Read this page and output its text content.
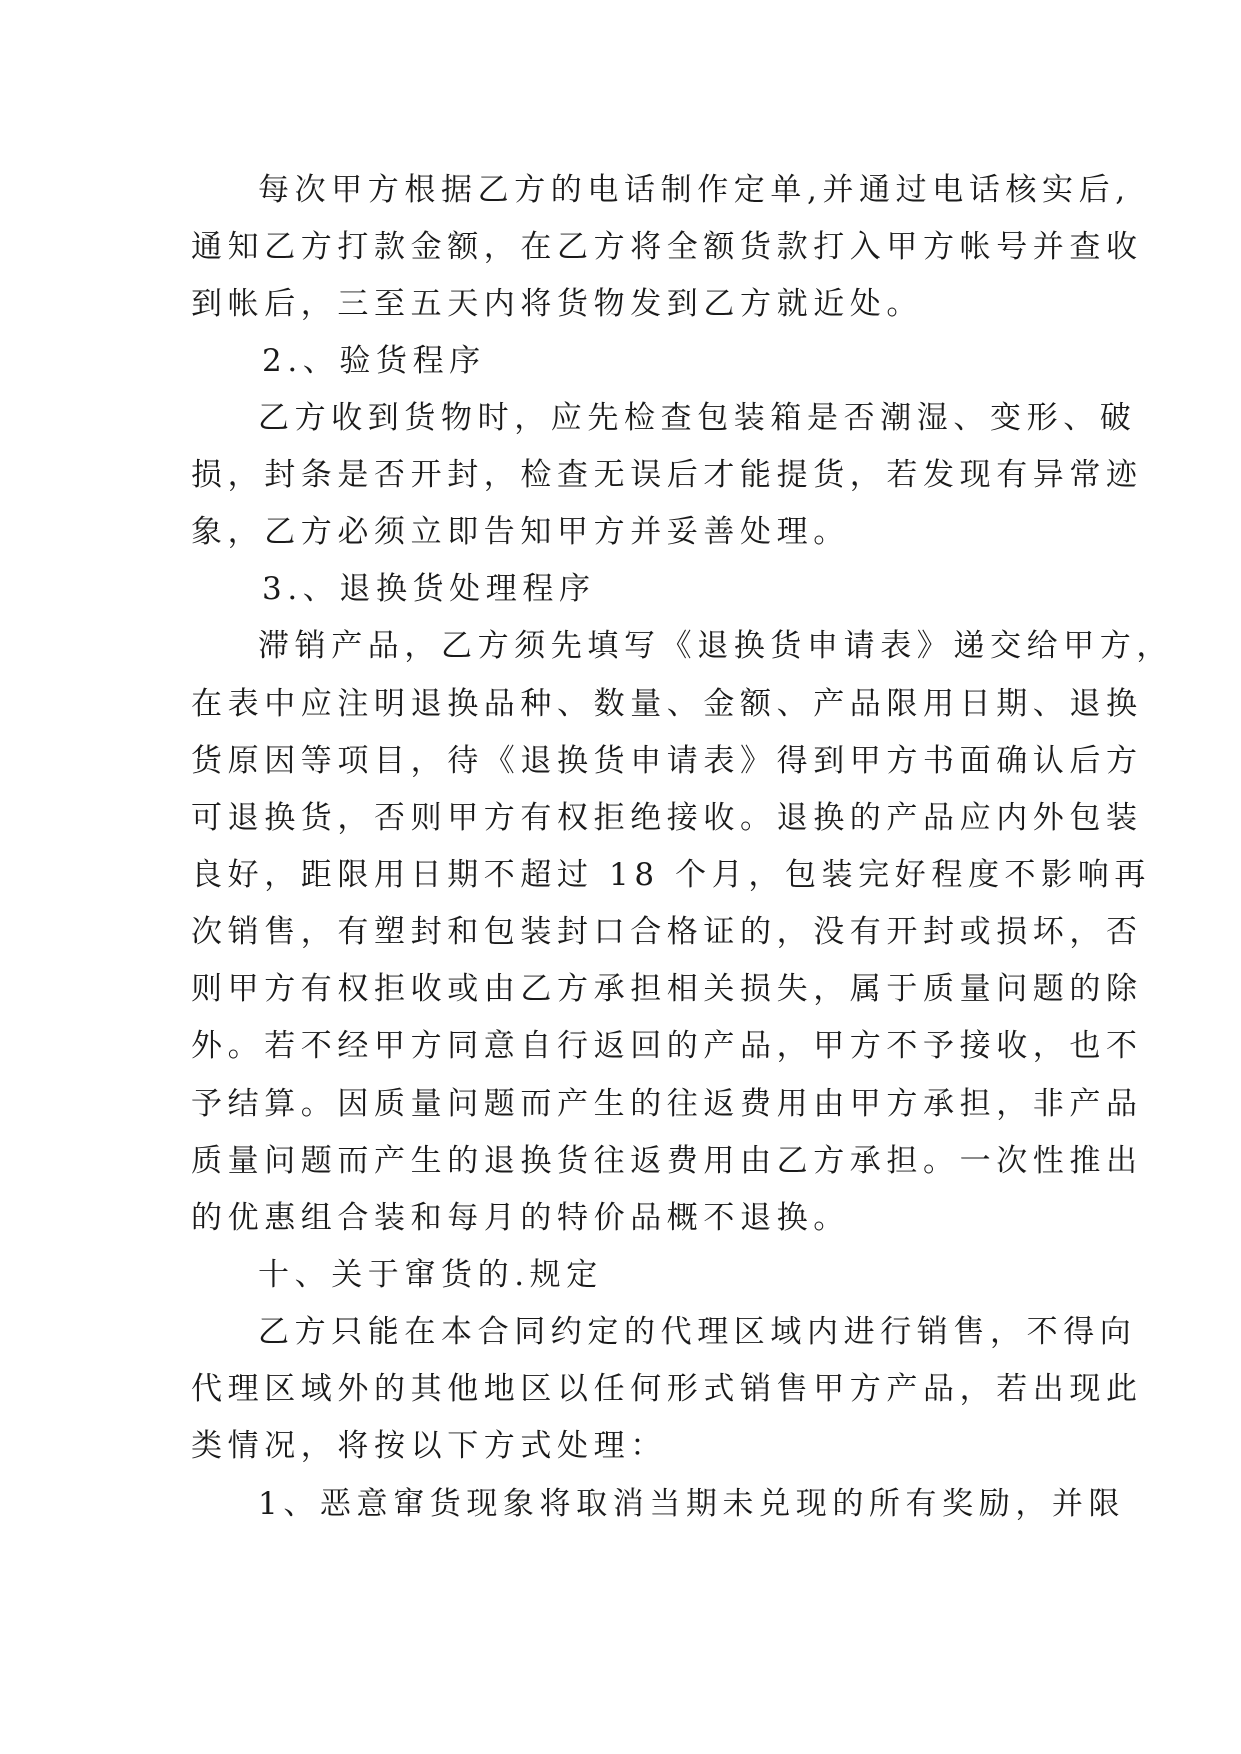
每次甲方根据乙方的电话制作定单,并通过电话核实后,

通知乙方打款金额，在乙方将全额货款打入甲方帐号并查收

到帐后，三至五天内将货物发到乙方就近处。

2.、验货程序

乙方收到货物时，应先检查包装箱是否潮湿、变形、破

损，封条是否开封，检查无误后才能提货，若发现有异常迹

象，乙方必须立即告知甲方并妥善处理。

3.、退换货处理程序

滞销产品，乙方须先填写《退换货申请表》递交给甲方，

在表中应注明退换品种、数量、金额、产品限用日期、退换

货原因等项目，待《退换货申请表》得到甲方书面确认后方

可退换货，否则甲方有权拒绝接收。退换的产品应内外包装

良好，距限用日期不超过 18 个月，包装完好程度不影响再

次销售，有塑封和包装封口合格证的，没有开封或损坏，否

则甲方有权拒收或由乙方承担相关损失，属于质量问题的除

外。若不经甲方同意自行返回的产品，甲方不予接收，也不

予结算。因质量问题而产生的往返费用由甲方承担，非产品

质量问题而产生的退换货往返费用由乙方承担。一次性推出

的优惠组合装和每月的特价品概不退换。

十、关于窜货的.规定

乙方只能在本合同约定的代理区域内进行销售，不得向

代理区域外的其他地区以任何形式销售甲方产品，若出现此

类情况，将按以下方式处理：

1、恶意窜货现象将取消当期未兑现的所有奖励，并限
